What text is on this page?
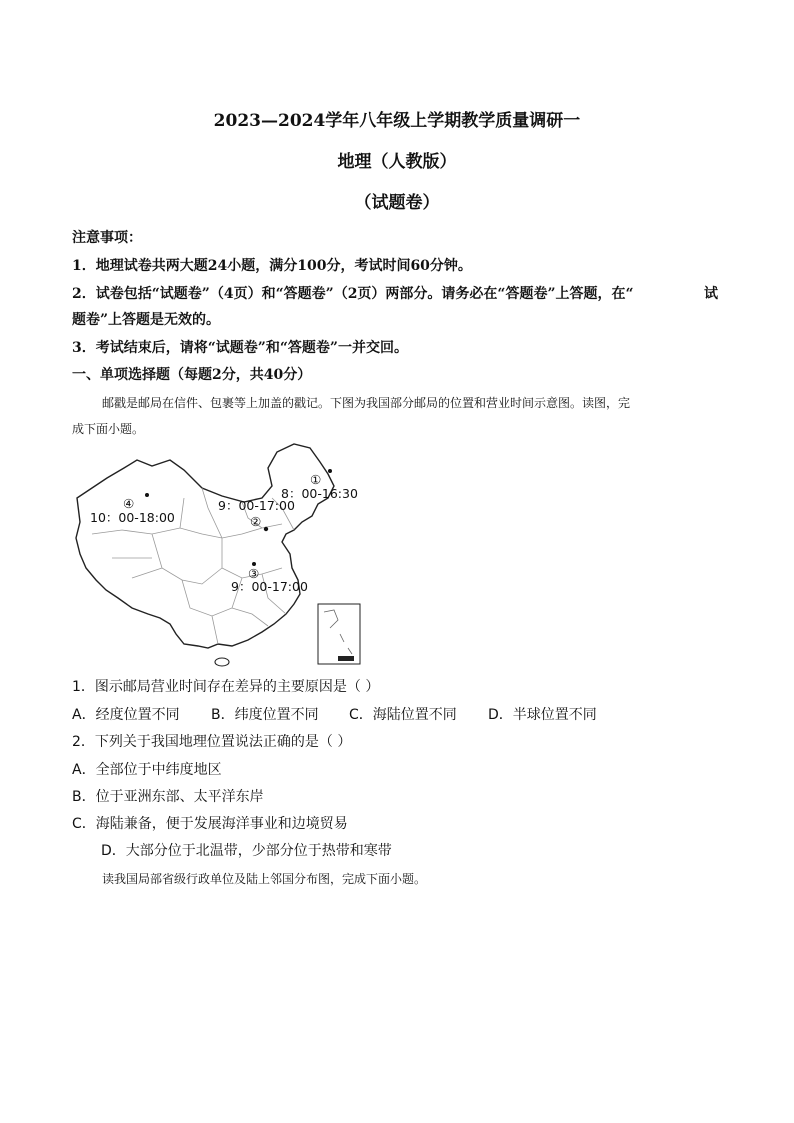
2023—2024学年八年级上学期教学质量调研一
地理（人教版）
（试题卷）
注意事项：
1．地理试卷共两大题24小题，满分100分，考试时间60分钟。
2．试卷包括“试题卷”（4页）和“答题卷”（2页）两部分。请务必在“答题卷”上答题，在“	试
题卷”上答题是无效的。
3．考试结束后，请将“试题卷”和“答题卷”一并交回。
一、单项选择题（每题2分，共40分）
邮戳是邮局在信件、包裹等上加盖的戳记。下图为我国部分邮局的位置和营业时间示意图。读图，完
成下面小题。
①
8：00-16:30
9：00-17:00
②
③
9：00-17:00
④
10：00-18:00
1．图示邮局营业时间存在差异的主要原因是（ ）
A．经度位置不同 B．纬度位置不同 C．海陆位置不同 D．半球位置不同
2．下列关于我国地理位置说法正确的是（ ）
A．全部位于中纬度地区
B．位于亚洲东部、太平洋东岸
C．海陆兼备，便于发展海洋事业和边境贸易
D．大部分位于北温带，少部分位于热带和寒带
读我国局部省级行政单位及陆上邻国分布图，完成下面小题。
